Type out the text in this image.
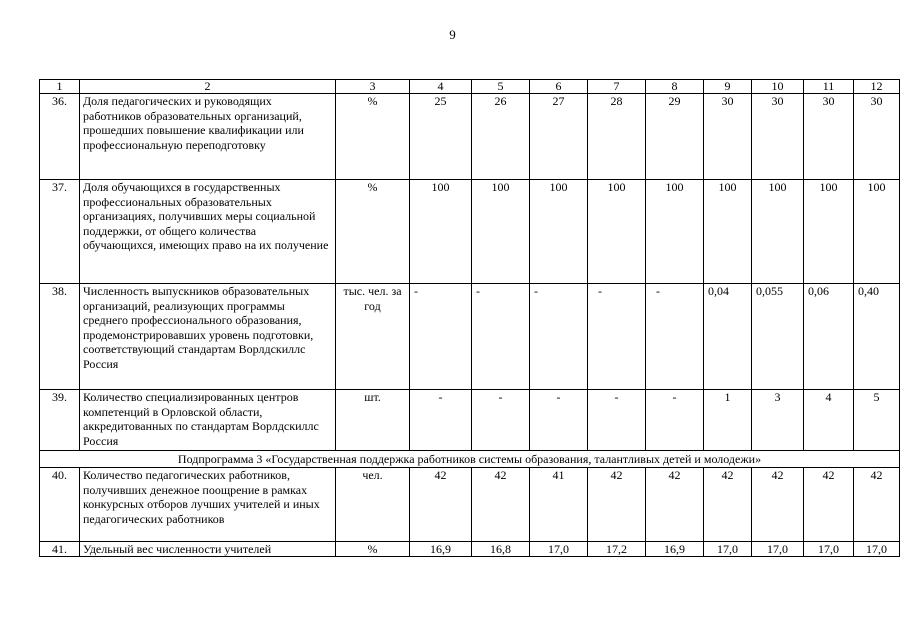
9
1	2	3	4	5	6	7	8	9	10	11	12
36.	Доля педагогических и руководящих работников образовательных организаций, прошедших повышение квалификации или профессиональную переподготовку	%	25	26	27	28	29	30	30	30	30
37.	Доля обучающихся в государственных профессиональных образовательных организациях, получивших меры социальной поддержки, от общего количества обучающихся, имеющих право на их получение	%	100	100	100	100	100	100	100	100	100
38.	Численность выпускников образовательных организаций, реализующих программы среднего профессионального образования, продемонстрировавших уровень подготовки, соответствующий стандартам Ворлдскиллс Россия	тыс. чел. за год	-	-	-	-	-	0,04	0,055	0,06	0,40
39.	Количество специализированных центров компетенций в Орловской области, аккредитованных по стандартам Ворлдскиллс Россия	шт.	-	-	-	-	-	1	3	4	5
Подпрограмма 3 «Государственная поддержка работников системы образования, талантливых детей и молодежи»											
40.	Количество педагогических работников, получивших денежное поощрение в рамках конкурсных отборов лучших учителей и иных педагогических работников	чел.	42	42	41	42	42	42	42	42	42
41.	Удельный вес численности учителей	%	16,9	16,8	17,0	17,2	16,9	17,0	17,0	17,0	17,0
